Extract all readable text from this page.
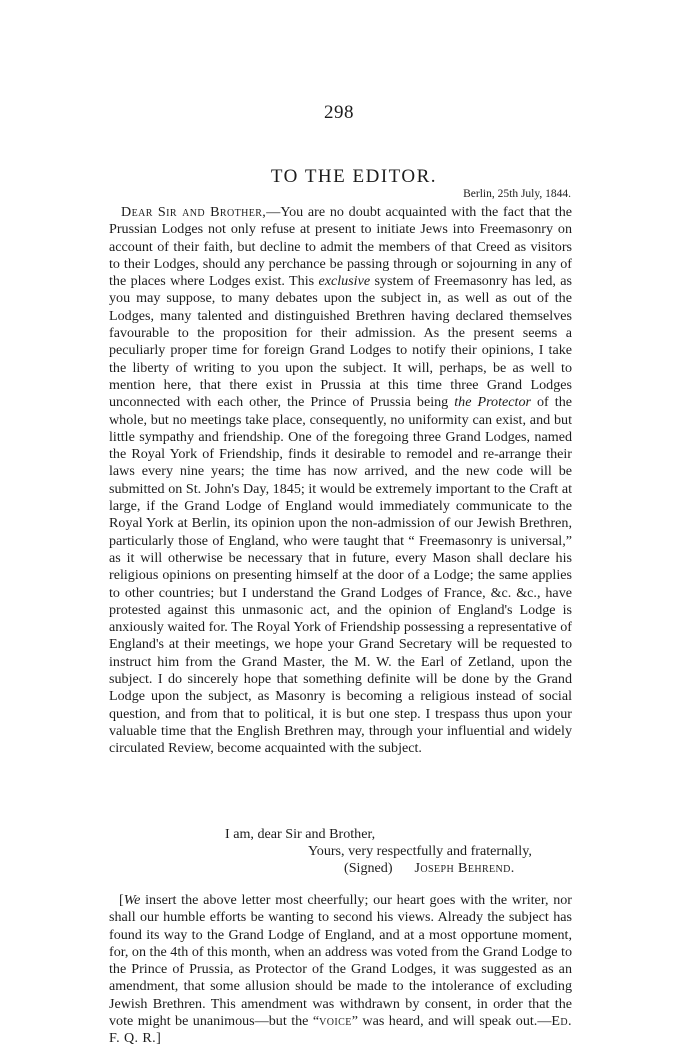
298
TO THE EDITOR.
Berlin, 25th July, 1844.

Dear Sir and Brother,—You are no doubt acquainted with the fact that the Prussian Lodges not only refuse at present to initiate Jews into Freemasonry on account of their faith, but decline to admit the members of that Creed as visitors to their Lodges, should any perchance be passing through or sojourning in any of the places where Lodges exist. This exclusive system of Freemasonry has led, as you may suppose, to many debates upon the subject in, as well as out of the Lodges, many talented and distinguished Brethren having declared themselves favourable to the proposition for their admission. As the present seems a peculiarly proper time for foreign Grand Lodges to notify their opinions, I take the liberty of writing to you upon the subject. It will, perhaps, be as well to mention here, that there exist in Prussia at this time three Grand Lodges unconnected with each other, the Prince of Prussia being the Protector of the whole, but no meetings take place, consequently, no uniformity can exist, and but little sympathy and friendship. One of the foregoing three Grand Lodges, named the Royal York of Friendship, finds it desirable to remodel and re-arrange their laws every nine years; the time has now arrived, and the new code will be submitted on St. John's Day, 1845; it would be extremely important to the Craft at large, if the Grand Lodge of England would immediately communicate to the Royal York at Berlin, its opinion upon the non-admission of our Jewish Brethren, particularly those of England, who were taught that “ Freemasonry is universal,” as it will otherwise be necessary that in future, every Mason shall declare his religious opinions on presenting himself at the door of a Lodge; the same applies to other countries; but I understand the Grand Lodges of France, &c. &c., have protested against this unmasonic act, and the opinion of England's Lodge is anxiously waited for. The Royal York of Friendship possessing a representative of England's at their meetings, we hope your Grand Secretary will be requested to instruct him from the Grand Master, the M. W. the Earl of Zetland, upon the subject. I do sincerely hope that something definite will be done by the Grand Lodge upon the subject, as Masonry is becoming a religious instead of social question, and from that to political, it is but one step. I trespass thus upon your valuable time that the English Brethren may, through your influential and widely circulated Review, become acquainted with the subject.

I am, dear Sir and Brother,
Yours, very respectfully and fraternally,
(Signed) Joseph Behrend.

[We insert the above letter most cheerfully; our heart goes with the writer, nor shall our humble efforts be wanting to second his views. Already the subject has found its way to the Grand Lodge of England, and at a most opportune moment, for, on the 4th of this month, when an address was voted from the Grand Lodge to the Prince of Prussia, as Protector of the Grand Lodges, it was suggested as an amendment, that some allusion should be made to the intolerance of excluding Jewish Brethren. This amendment was withdrawn by consent, in order that the vote might be unanimous—but the “voice” was heard, and will speak out.—Ed. F. Q. R.]
